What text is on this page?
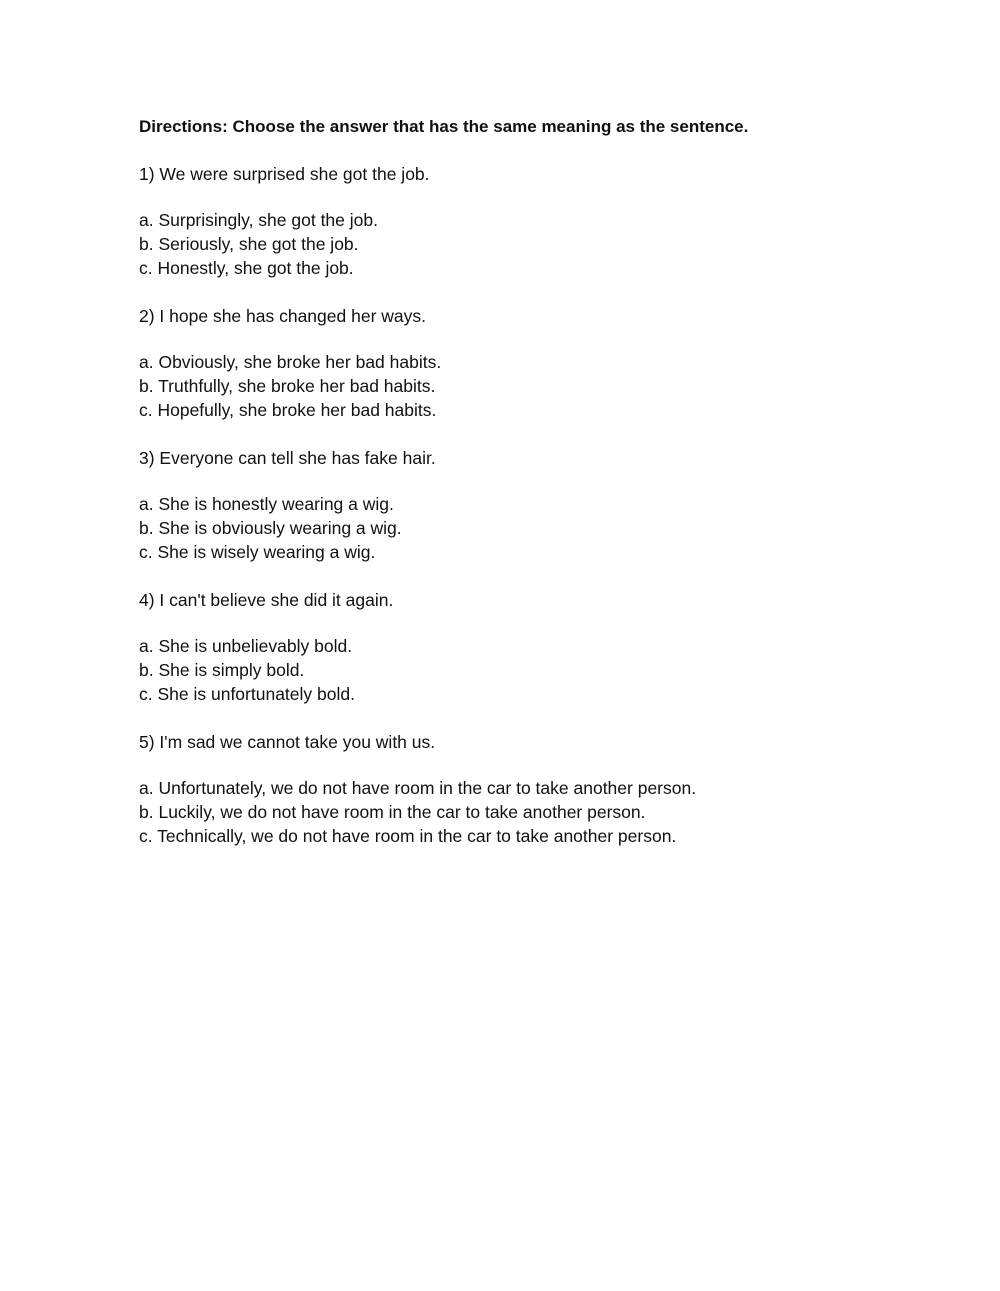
Directions: Choose the answer that has the same meaning as the sentence.

1) We were surprised she got the job.

a. Surprisingly, she got the job.
b. Seriously, she got the job.
c. Honestly, she got the job.

2) I hope she has changed her ways.

a. Obviously, she broke her bad habits.
b. Truthfully, she broke her bad habits.
c. Hopefully, she broke her bad habits.

3) Everyone can tell she has fake hair.

a. She is honestly wearing a wig.
b. She is obviously wearing a wig.
c. She is wisely wearing a wig.

4) I can't believe she did it again.

a. She is unbelievably bold.
b. She is simply bold.
c. She is unfortunately bold.

5) I'm sad we cannot take you with us.

a. Unfortunately, we do not have room in the car to take another person.
b. Luckily, we do not have room in the car to take another person.
c. Technically, we do not have room in the car to take another person.
